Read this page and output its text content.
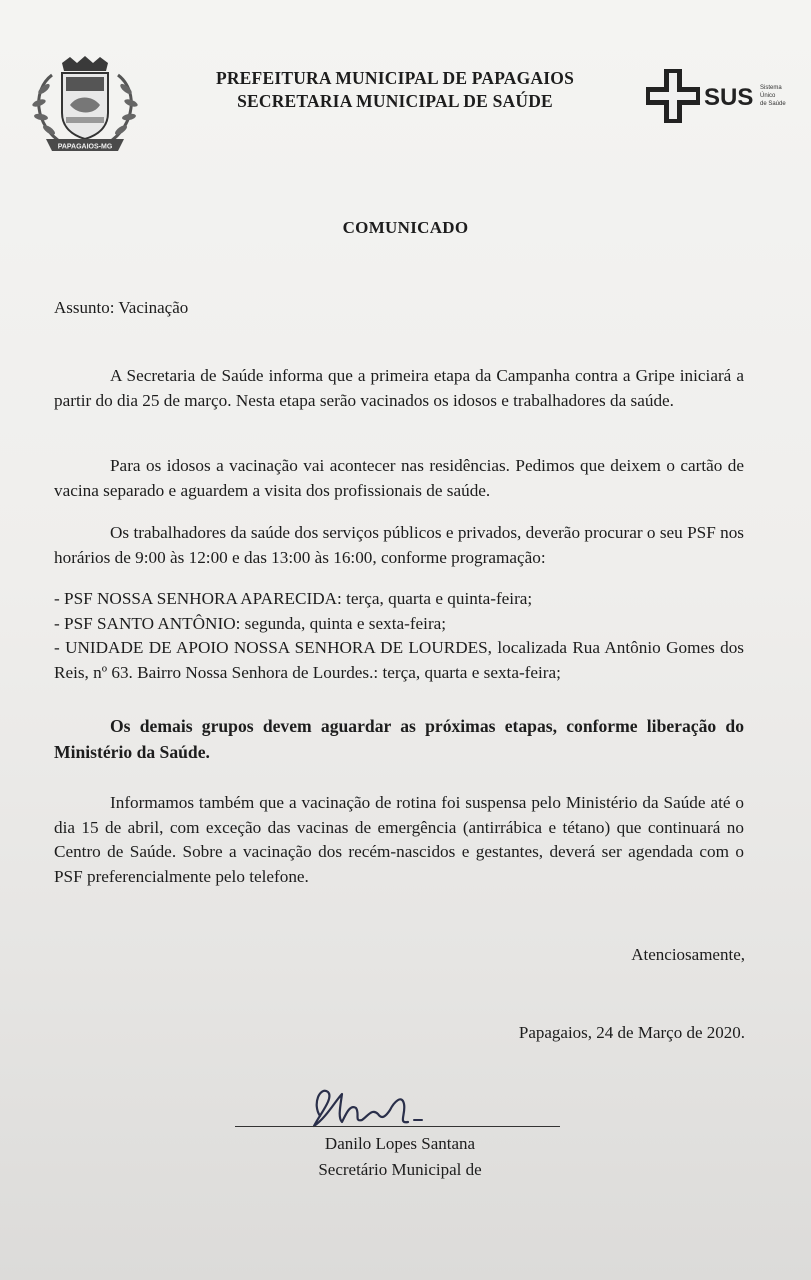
PAPAGAIOS-MG
PREFEITURA MUNICIPAL DE PAPAGAIOS
SECRETARIA MUNICIPAL DE SAÚDE	SUS Sistema
Único
de Saúde
COMUNICADO
Assunto: Vacinação
A Secretaria de Saúde informa que a primeira etapa da Campanha contra a Gripe iniciará a partir do dia 25 de março. Nesta etapa serão vacinados os idosos e trabalhadores da saúde.
Para os idosos a vacinação vai acontecer nas residências. Pedimos que deixem o cartão de vacina separado e aguardem a visita dos profissionais de saúde.
Os trabalhadores da saúde dos serviços públicos e privados, deverão procurar o seu PSF nos horários de 9:00 às 12:00 e das 13:00 às 16:00, conforme programação:
- PSF NOSSA SENHORA APARECIDA: terça, quarta e quinta-feira;
- PSF SANTO ANTÔNIO: segunda, quinta e sexta-feira;
- UNIDADE DE APOIO NOSSA SENHORA DE LOURDES, localizada Rua Antônio Gomes dos Reis, nº 63. Bairro Nossa Senhora de Lourdes.: terça, quarta e sexta-feira;
Os demais grupos devem aguardar as próximas etapas, conforme liberação do Ministério da Saúde.
Informamos também que a vacinação de rotina foi suspensa pelo Ministério da Saúde até o dia 15 de abril, com exceção das vacinas de emergência (antirrábica e tétano) que continuará no Centro de Saúde. Sobre a vacinação dos recém-nascidos e gestantes, deverá ser agendada com o PSF preferencialmente pelo telefone.
Atenciosamente,
Papagaios, 24 de Março de 2020.
Danilo Lopes Santana
Secretário Municipal de
